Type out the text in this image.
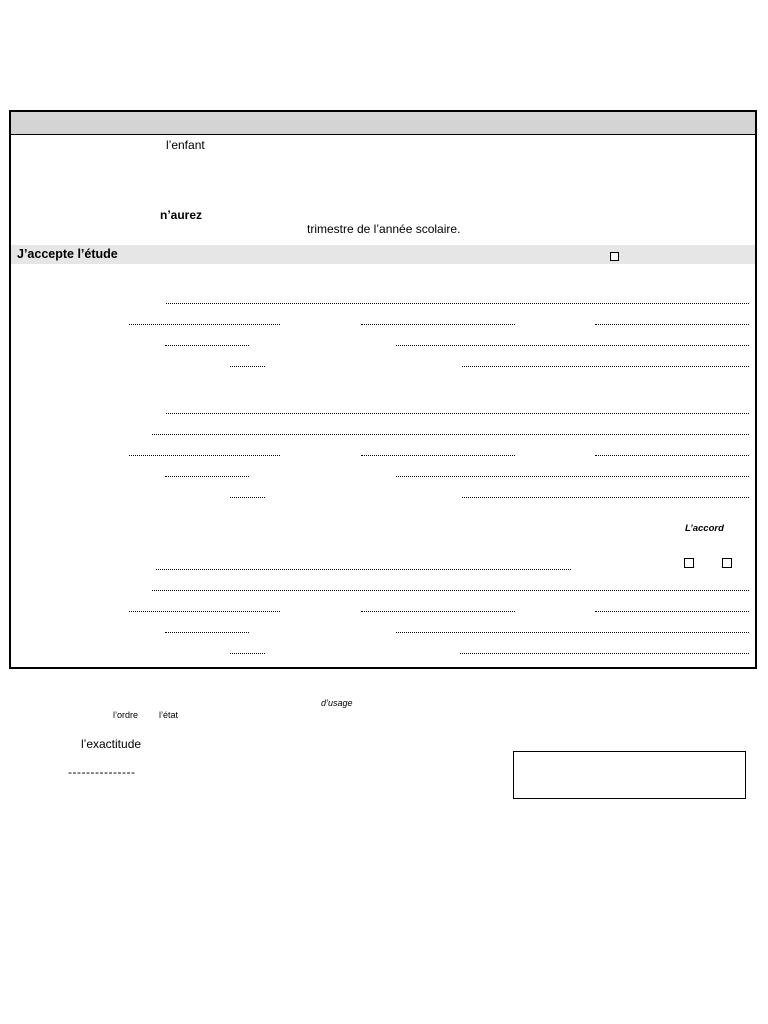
l’enfant
n’aurez
trimestre de l’année scolaire.
J’accepte l’étude
L’accord
d’usage
l’ordre l’état
l’exactitude
---------------
